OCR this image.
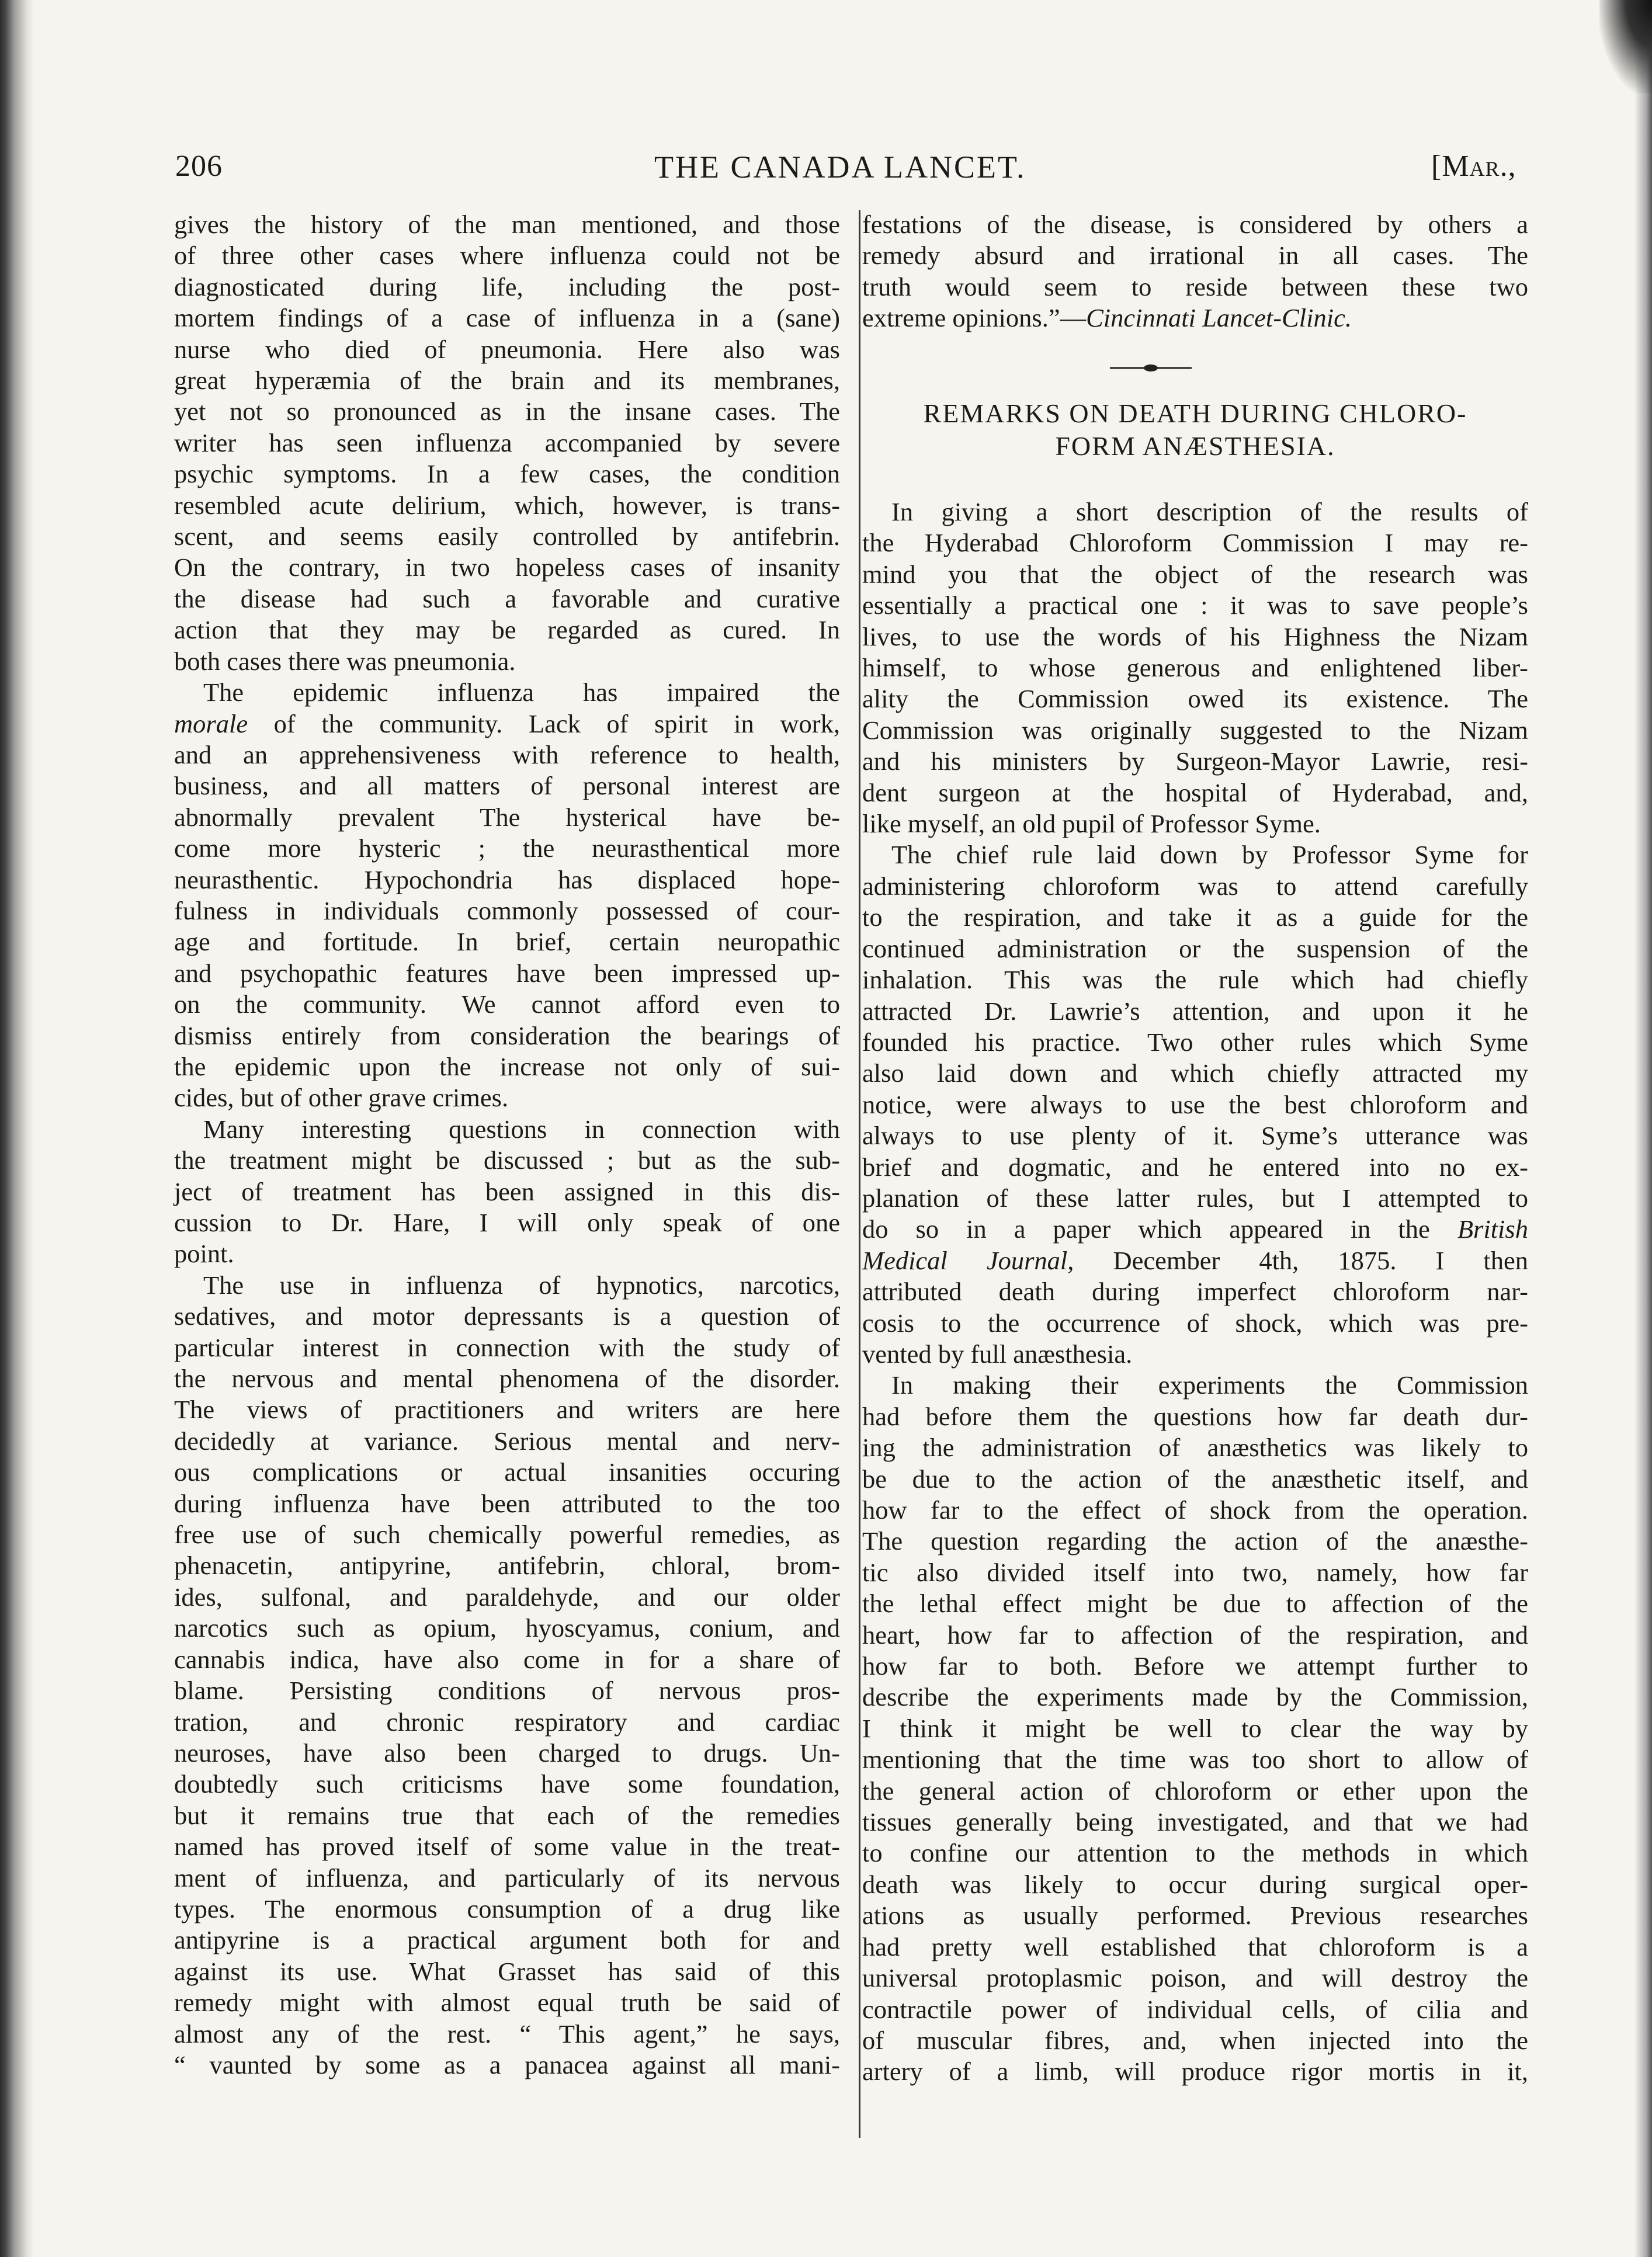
206	THE CANADA LANCET.	[Mar.,

gives the history of the man mentioned, and those

of three other cases where influenza could not be

diagnosticated during life, including the post-

mortem findings of a case of influenza in a (sane)

nurse who died of pneumonia. Here also was

great hyperæmia of the brain and its membranes,

yet not so pronounced as in the insane cases. The

writer has seen influenza accompanied by severe

psychic symptoms. In a few cases, the condition

resembled acute delirium, which, however, is trans-

scent, and seems easily controlled by antifebrin.

On the contrary, in two hopeless cases of insanity

the disease had such a favorable and curative

action that they may be regarded as cured. In

both cases there was pneumonia.

The epidemic influenza has impaired the

morale of the community. Lack of spirit in work,

and an apprehensiveness with reference to health,

business, and all matters of personal interest are

abnormally prevalent The hysterical have be-

come more hysteric ; the neurasthentical more

neurasthentic. Hypochondria has displaced hope-

fulness in individuals commonly possessed of cour-

age and fortitude. In brief, certain neuropathic

and psychopathic features have been impressed up-

on the community. We cannot afford even to

dismiss entirely from consideration the bearings of

the epidemic upon the increase not only of sui-

cides, but of other grave crimes.

Many interesting questions in connection with

the treatment might be discussed ; but as the sub-

ject of treatment has been assigned in this dis-

cussion to Dr. Hare, I will only speak of one

point.

The use in influenza of hypnotics, narcotics,

sedatives, and motor depressants is a question of

particular interest in connection with the study of

the nervous and mental phenomena of the disorder.

The views of practitioners and writers are here

decidedly at variance. Serious mental and nerv-

ous complications or actual insanities occuring

during influenza have been attributed to the too

free use of such chemically powerful remedies, as

phenacetin, antipyrine, antifebrin, chloral, brom-

ides, sulfonal, and paraldehyde, and our older

narcotics such as opium, hyoscyamus, conium, and

cannabis indica, have also come in for a share of

blame. Persisting conditions of nervous pros-

tration, and chronic respiratory and cardiac

neuroses, have also been charged to drugs. Un-

doubtedly such criticisms have some foundation,

but it remains true that each of the remedies

named has proved itself of some value in the treat-

ment of influenza, and particularly of its nervous

types. The enormous consumption of a drug like

antipyrine is a practical argument both for and

against its use. What Grasset has said of this

remedy might with almost equal truth be said of

almost any of the rest. “ This agent,” he says,

“ vaunted by some as a panacea against all mani-

festations of the disease, is considered by others a

remedy absurd and irrational in all cases. The

truth would seem to reside between these two

extreme opinions.”—Cincinnati Lancet-Clinic.

REMARKS ON DEATH DURING CHLORO-
FORM ANÆSTHESIA.

In giving a short description of the results of

the Hyderabad Chloroform Commission I may re-

mind you that the object of the research was

essentially a practical one : it was to save people’s

lives, to use the words of his Highness the Nizam

himself, to whose generous and enlightened liber-

ality the Commission owed its existence. The

Commission was originally suggested to the Nizam

and his ministers by Surgeon-Mayor Lawrie, resi-

dent surgeon at the hospital of Hyderabad, and,

like myself, an old pupil of Professor Syme.

The chief rule laid down by Professor Syme for

administering chloroform was to attend carefully

to the respiration, and take it as a guide for the

continued administration or the suspension of the

inhalation. This was the rule which had chiefly

attracted Dr. Lawrie’s attention, and upon it he

founded his practice. Two other rules which Syme

also laid down and which chiefly attracted my

notice, were always to use the best chloroform and

always to use plenty of it. Syme’s utterance was

brief and dogmatic, and he entered into no ex-

planation of these latter rules, but I attempted to

do so in a paper which appeared in the British

Medical Journal, December 4th, 1875. I then

attributed death during imperfect chloroform nar-

cosis to the occurrence of shock, which was pre-

vented by full anæsthesia.

In making their experiments the Commission

had before them the questions how far death dur-

ing the administration of anæsthetics was likely to

be due to the action of the anæsthetic itself, and

how far to the effect of shock from the operation.

The question regarding the action of the anæsthe-

tic also divided itself into two, namely, how far

the lethal effect might be due to affection of the

heart, how far to affection of the respiration, and

how far to both. Before we attempt further to

describe the experiments made by the Commission,

I think it might be well to clear the way by

mentioning that the time was too short to allow of

the general action of chloroform or ether upon the

tissues generally being investigated, and that we had

to confine our attention to the methods in which

death was likely to occur during surgical oper-

ations as usually performed. Previous researches

had pretty well established that chloroform is a

universal protoplasmic poison, and will destroy the

contractile power of individual cells, of cilia and

of muscular fibres, and, when injected into the

artery of a limb, will produce rigor mortis in it,
